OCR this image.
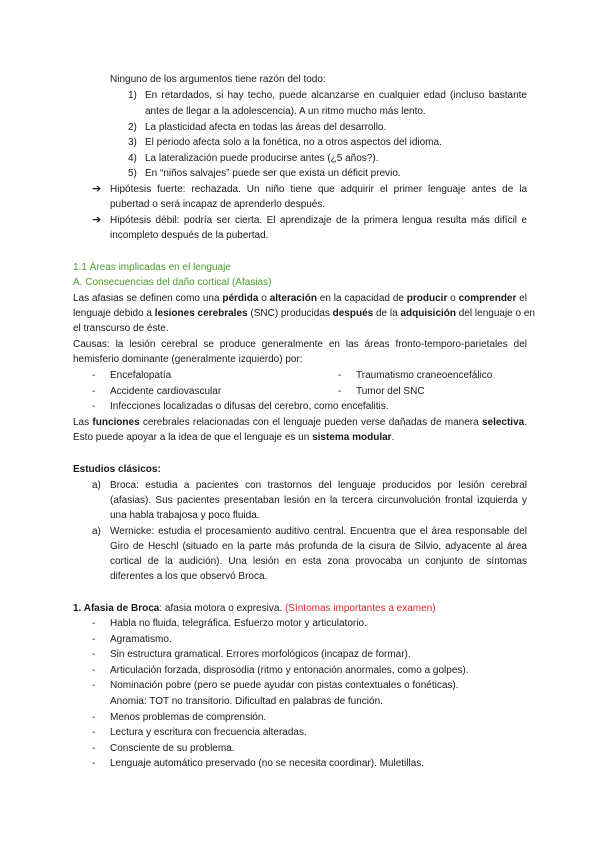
Ninguno de los argumentos tiene razón del todo:
1) En retardados, si hay techo, puede alcanzarse en cualquier edad (incluso bastante
antes de llegar a la adolescencia). A un ritmo mucho más lento.
2) La plasticidad afecta en todas las áreas del desarrollo.
3) El periodo afecta solo a la fonética, no a otros aspectos del idioma.
4) La lateralización puede producirse antes (¿5 años?).
5) En “niños salvajes” puede ser que exista un déficit previo.
➔ Hipótesis fuerte: rechazada. Un niño tiene que adquirir el primer lenguaje antes de la
pubertad o será incapaz de aprenderlo después.
➔ Hipótesis débil: podría ser cierta. El aprendizaje de la primera lengua resulta más difícil e
incompleto después de la pubertad.
1.1 Áreas implicadas en el lenguaje
A. Consecuencias del daño cortical (Afasias)
Las afasias se definen como una pérdida o alteración en la capacidad de producir o comprender el
lenguaje debido a lesiones cerebrales (SNC) producidas después de la adquisición del lenguaje o en
el transcurso de éste.
Causas: la lesión cerebral se produce generalmente en las áreas fronto-temporo-parietales del
hemisferio dominante (generalmente izquierdo) por:
- Encefalopatía	- Traumatismo craneoencefálico
- Accidente cardiovascular	- Tumor del SNC
- Infecciones localizadas o difusas del cerebro, como encefalitis.
Las funciones cerebrales relacionadas con el lenguaje pueden verse dañadas de manera selectiva.
Esto puede apoyar a la idea de que el lenguaje es un sistema modular.
Estudios clásicos:
a) Broca: estudia a pacientes con trastornos del lenguaje producidos por lesión cerebral
(afasias). Sus pacientes presentaban lesión en la tercera circunvolución frontal izquierda y
una habla trabajosa y poco fluida.
a) Wernicke: estudia el procesamiento auditivo central. Encuentra que el área responsable del
Giro de Heschl (situado en la parte más profunda de la cisura de Silvio, adyacente al área
cortical de la audición). Una lesión en esta zona provocaba un conjunto de síntomas
diferentes a los que observó Broca.
1. Afasia de Broca: afasia motora o expresiva. (Síntomas importantes a examen)
- Habla no fluida, telegráfica. Esfuerzo motor y articulatorio.
- Agramatismo.
- Sin estructura gramatical. Errores morfológicos (incapaz de formar).
- Articulación forzada, disprosodia (ritmo y entonación anormales, como a golpes).
- Nominación pobre (pero se puede ayudar con pistas contextuales o fonéticas).
Anomia: TOT no transitorio. Dificultad en palabras de función.
- Menos problemas de comprensión.
- Lectura y escritura con frecuencia alteradas.
- Consciente de su problema.
- Lenguaje automático preservado (no se necesita coordinar). Muletillas.
